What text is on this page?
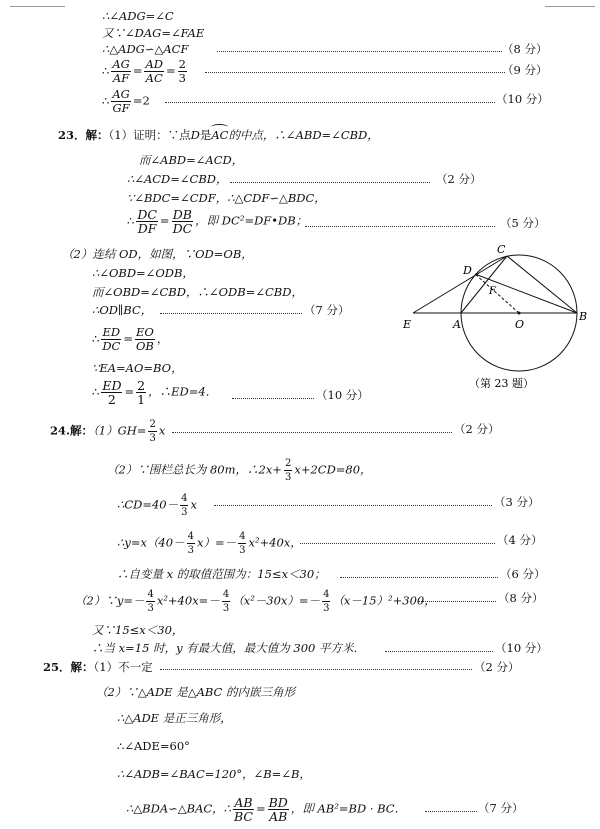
∴∠ADG=∠C
又∵∠DAG=∠FAE
∴△ADG∽△ACF	（8 分）
∴ $\frac{AG}{AF} = \frac{AD}{AC} = \frac{2}{3}$	（9 分）
∴ $\frac{AG}{GF} =2$	（10 分）
23．解：（1）证明：∵点D是AC的中点，∴∠ABD=∠CBD，
而∠ABD=∠ACD，
∴∠ACD=∠CBD，	（2 分）
∵∠BDC=∠CDF，∴△CDF∽△BDC，
∴ $\frac{DC}{DF} = \frac{DB}{DC}$ ，即 DC²=DF•DB；	（5 分）
（2）连结 OD，如图，∵OD=OB，
∴∠OBD=∠ODB，
而∠OBD=∠CBD，∴∠ODB=∠CBD，
∴OD∥BC，	（7 分）
∴ $\frac{ED}{DC} = \frac{EO}{OB}$ ，
∵EA=AO=BO，
∴ $\frac{ED}{2} = \frac{2}{1}$ ，∴ED=4．	（10 分）
C
D
F
E	A	O
B
（第 23 题）
24.解：$(1)GH= \frac{2}{3}$ x	（2 分）
（2）∵围栏总长为 80m，∴2x+ $\frac{2}{3} x+2CD=80$，
∴CD=40－ $\frac{4}{3}$ x	（3 分）
∴y=x（40－ $\frac{4}{3} x)=- \frac{4}{3} x^2+40x$，	（4 分）
∴自变量 x 的取值范围为：15≤x＜30；	（6 分）
（2）∵y=－ $\frac{4}{3} x^2+40x=- \frac{4}{3} (x^2-30x)=- \frac{4}{3} (x-15)^2+300$，	（8 分）
又∵15≤x＜30，
∴当 x=15 时，y 有最大值，最大值为 300 平方米．	（10 分）
25．解：（1）不一定	（2 分）
（2）∵△ADE 是△ABC 的内嵌三角形
∴△ADE 是正三角形，
∴∠ADE=60°
∴∠ADB=∠BAC=120°，∠B=∠B，
∴△BDA∽△BAC，∴ $\frac{AB}{BC} = \frac{BD}{AB}$ ，即 AB²=BD · BC．	（7 分）
